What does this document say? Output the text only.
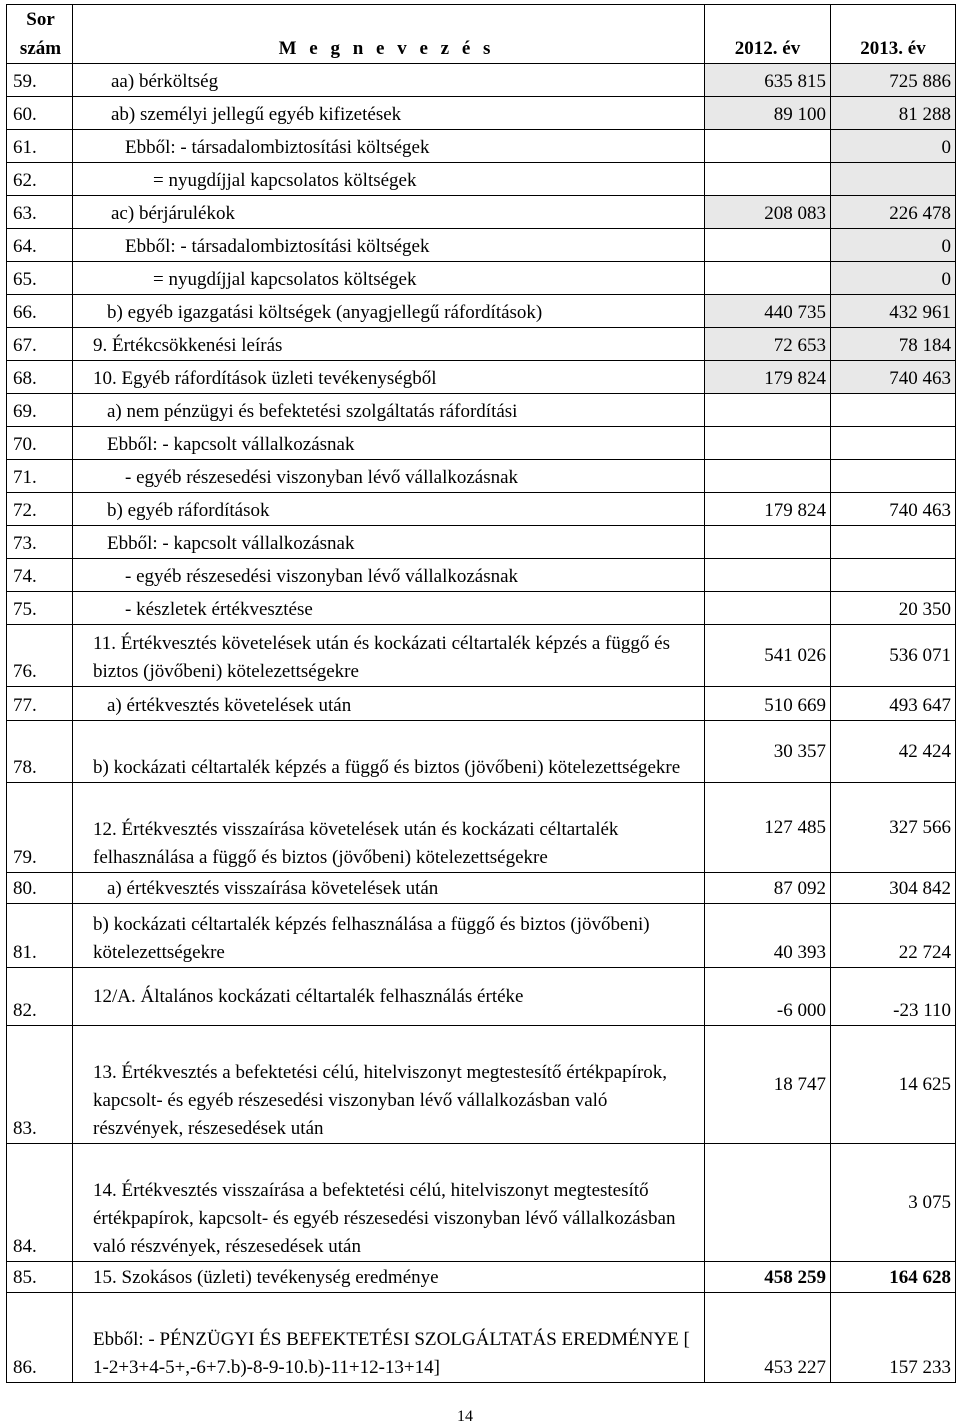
Sor szám	M e g n e v e z é s	2012. év	2013. év
59.	aa) bérköltség	635 815	725 886
60.	ab) személyi jellegű egyéb kifizetések	89 100	81 288
61.	Ebből: - társadalombiztosítási költségek		0
62.	= nyugdíjjal kapcsolatos költségek		
63.	ac) bérjárulékok	208 083	226 478
64.	Ebből: - társadalombiztosítási költségek		0
65.	= nyugdíjjal kapcsolatos költségek		0
66.	b) egyéb igazgatási költségek (anyagjellegű ráfordítások)	440 735	432 961
67.	9. Értékcsökkenési leírás	72 653	78 184
68.	10. Egyéb ráfordítások üzleti tevékenységből	179 824	740 463
69.	a) nem pénzügyi és befektetési szolgáltatás ráfordítási		
70.	Ebből: - kapcsolt vállalkozásnak		
71.	- egyéb részesedési viszonyban lévő vállalkozásnak		
72.	b) egyéb ráfordítások	179 824	740 463
73.	Ebből: - kapcsolt vállalkozásnak		
74.	- egyéb részesedési viszonyban lévő vállalkozásnak		
75.	- készletek értékvesztése		20 350
76.	11. Értékvesztés követelések után és kockázati céltartalék képzés a függő és biztos (jövőbeni) kötelezettségekre	541 026	536 071
77.	a) értékvesztés követelések után	510 669	493 647
78.	b) kockázati céltartalék képzés a függő és biztos (jövőbeni) kötelezettségekre	30 357	42 424
79.	12. Értékvesztés visszaírása követelések után és kockázati céltartalék felhasználása a függő és biztos (jövőbeni) kötelezettségekre	127 485	327 566
80.	a) értékvesztés visszaírása követelések után	87 092	304 842
81.	b) kockázati céltartalék képzés felhasználása a függő és biztos (jövőbeni) kötelezettségekre	40 393	22 724
82.	12/A. Általános kockázati céltartalék felhasználás értéke	-6 000	-23 110
83.	13. Értékvesztés a befektetési célú, hitelviszonyt megtestesítő értékpapírok, kapcsolt- és egyéb részesedési viszonyban lévő vállalkozásban való részvények, részesedések után	18 747	14 625
84.	14. Értékvesztés visszaírása a befektetési célú, hitelviszonyt megtestesítő értékpapírok, kapcsolt- és egyéb részesedési viszonyban lévő vállalkozásban való részvények, részesedések után		3 075
85.	15. Szokásos (üzleti) tevékenység eredménye	458 259	164 628
86.	Ebből: - PÉNZÜGYI ÉS BEFEKTETÉSI SZOLGÁLTATÁS EREDMÉNYE [ 1-2+3+4-5+,-6+7.b)-8-9-10.b)-11+12-13+14]	453 227	157 233
14
